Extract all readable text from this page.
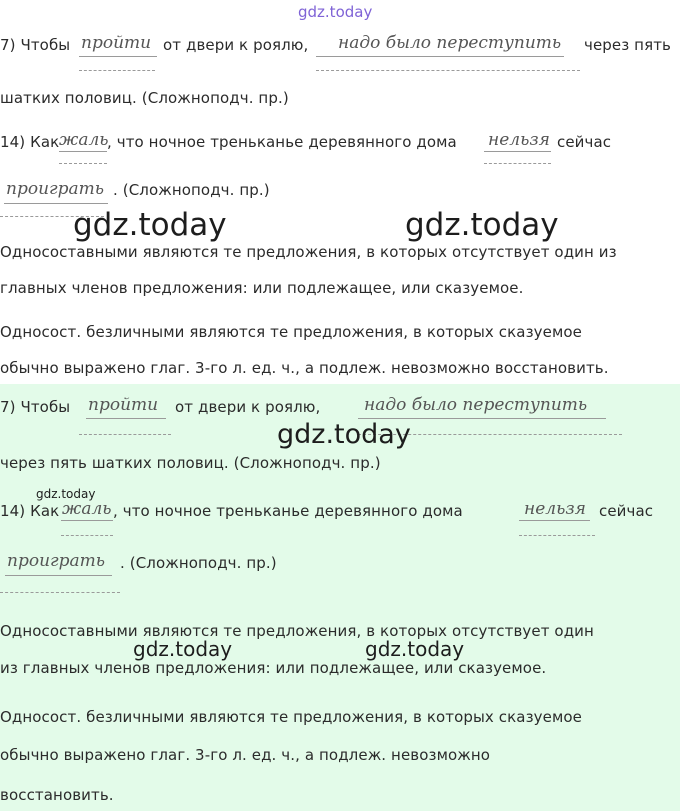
gdz.today
7) Чтобы пройти от двери к роялю, надо было переступить через пять
шатких половиц. (Сложноподч. пр.)
14) Как жаль
, что ночное треньканье деревянного дома нельзя сейчас
проиграть . (Сложноподч. пр.)
gdz.today	gdz.today
Односоставными являются те предложения, в которых отсутствует один из
главных членов предложения: или подлежащее, или сказуемое.
Односост. безличными являются те предложения, в которых сказуемое
обычно выражено глаг. 3-го л. ед. ч., а подлеж. невозможно восстановить.
7) Чтобы пройти от двери к роялю,	надо было переступить
gdz.today
через пять шатких половиц. (Сложноподч. пр.)
gdz.today
14) Как жаль , что ночное треньканье деревянного дома	нельзя сейчас
проиграть . (Сложноподч. пр.)
Односоставными являются те предложения, в которых отсутствует один
gdz.today	gdz.today
из главных членов предложения: или подлежащее, или сказуемое.
Односост. безличными являются те предложения, в которых сказуемое
обычно выражено глаг. 3-го л. ед. ч., а подлеж. невозможно
восстановить.
